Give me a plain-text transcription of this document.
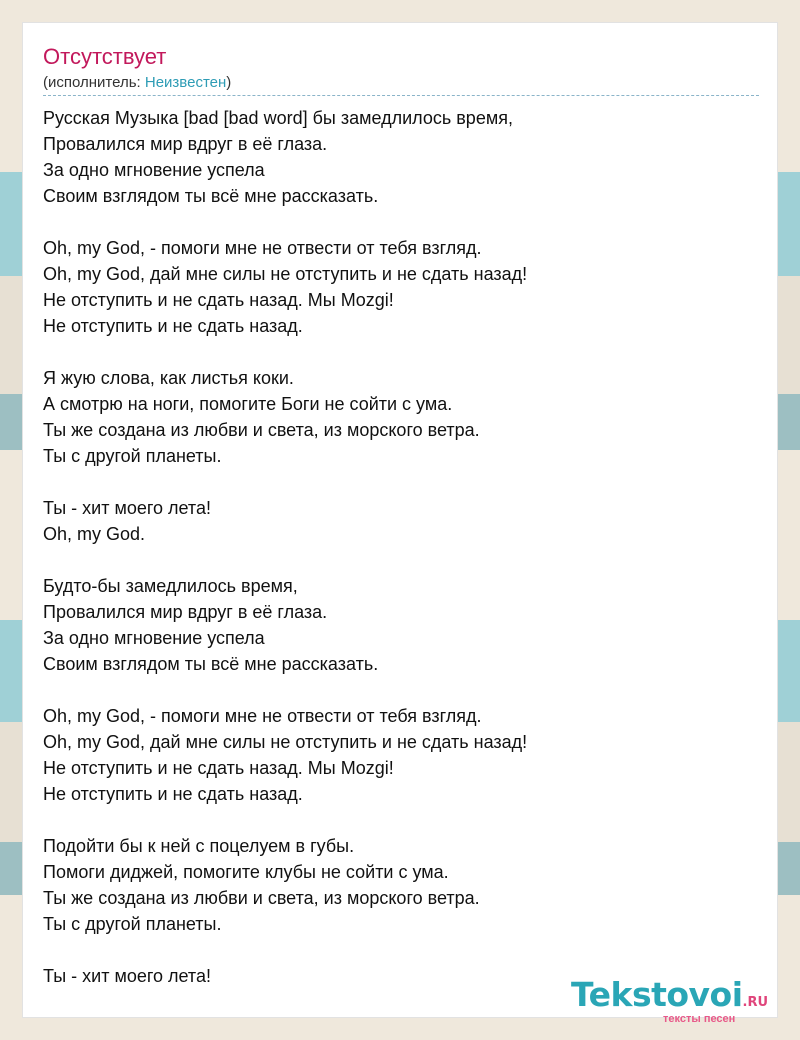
Отсутствует
(исполнитель: Неизвестен)
Русская Музыка [bad [bad word] бы замедлилось время,
Провалился мир вдруг в её глаза.
За одно мгновение успела
Своим взглядом ты всё мне рассказать.
Oh, my God, - помоги мне не отвести от тебя взгляд.
Oh, my God, дай мне силы не отступить и не сдать назад!
Не отступить и не сдать назад. Мы Mozgi!
Не отступить и не сдать назад.
Я жую слова, как листья коки.
А смотрю на ноги, помогите Боги не сойти с ума.
Ты же создана из любви и света, из морского ветра.
Ты с другой планеты.
Ты - хит моего лета!
Oh, my God.
Будто-бы замедлилось время,
Провалился мир вдруг в её глаза.
За одно мгновение успела
Своим взглядом ты всё мне рассказать.
Oh, my God, - помоги мне не отвести от тебя взгляд.
Oh, my God, дай мне силы не отступить и не сдать назад!
Не отступить и не сдать назад. Мы Mozgi!
Не отступить и не сдать назад.
Подойти бы к ней с поцелуем в губы.
Помоги диджей, помогите клубы не сойти с ума.
Ты же создана из любви и света, из морского ветра.
Ты с другой планеты.
Ты - хит моего лета!	Tekstovoi.RU
тексты песен
